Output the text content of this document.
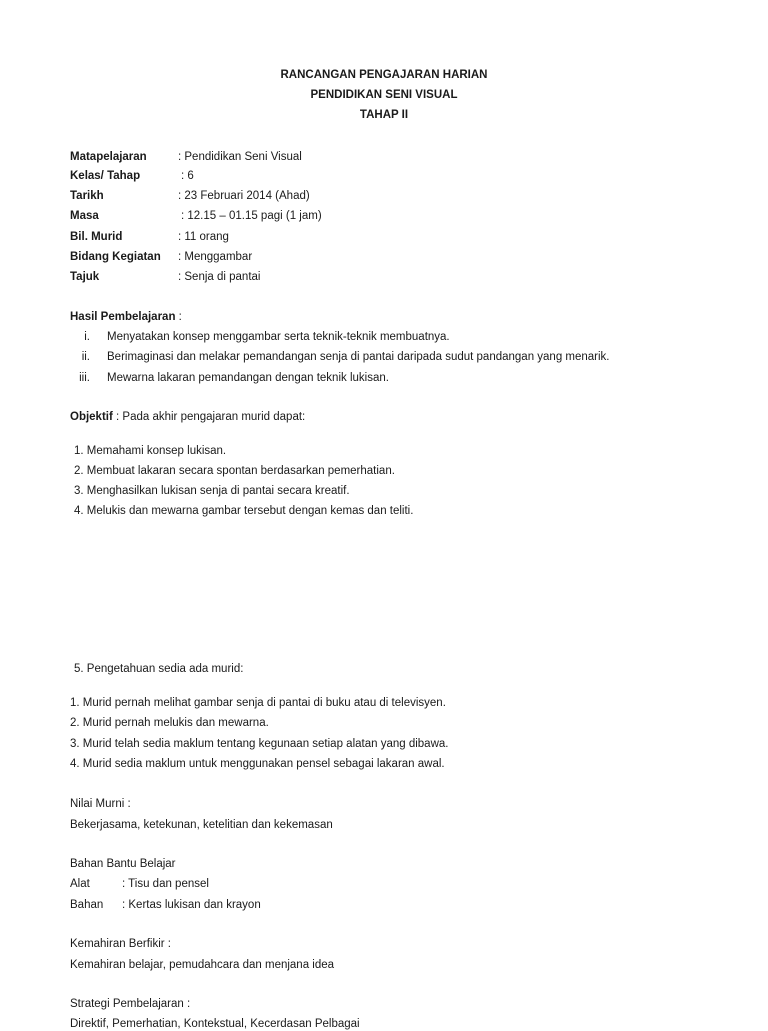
RANCANGAN PENGAJARAN HARIAN
PENDIDIKAN SENI VISUAL
TAHAP II
Matapelajaran	: Pendidikan Seni Visual
Kelas/ Tahap	: 6
Tarikh	: 23 Februari 2014 (Ahad)
Masa	: 12.15 – 01.15 pagi (1 jam)
Bil. Murid	: 11 orang
Bidang Kegiatan : Menggambar
Tajuk	: Senja di pantai
Hasil Pembelajaran :
i. Menyatakan konsep menggambar serta teknik-teknik membuatnya.
ii. Berimaginasi dan melakar pemandangan senja di pantai daripada sudut pandangan yang menarik.
iii. Mewarna lakaran pemandangan dengan teknik lukisan.
Objektif : Pada akhir pengajaran murid dapat:
1. Memahami konsep lukisan.
2. Membuat lakaran secara spontan berdasarkan pemerhatian.
3. Menghasilkan lukisan senja di pantai secara kreatif.
4. Melukis dan mewarna gambar tersebut dengan kemas dan teliti.
5. Pengetahuan sedia ada murid:
1. Murid pernah melihat gambar senja di pantai di buku atau di televisyen.
2. Murid pernah melukis dan mewarna.
3. Murid telah sedia maklum tentang kegunaan setiap alatan yang dibawa.
4. Murid sedia maklum untuk menggunakan pensel sebagai lakaran awal.
Nilai Murni :
Bekerjasama, ketekunan, ketelitian dan kekemasan
Bahan Bantu Belajar
Alat	: Tisu dan pensel
Bahan : Kertas lukisan dan krayon
Kemahiran Berfikir :
Kemahiran belajar, pemudahcara dan menjana idea
Strategi Pembelajaran :
Direktif, Pemerhatian, Kontekstual, Kecerdasan Pelbagai
